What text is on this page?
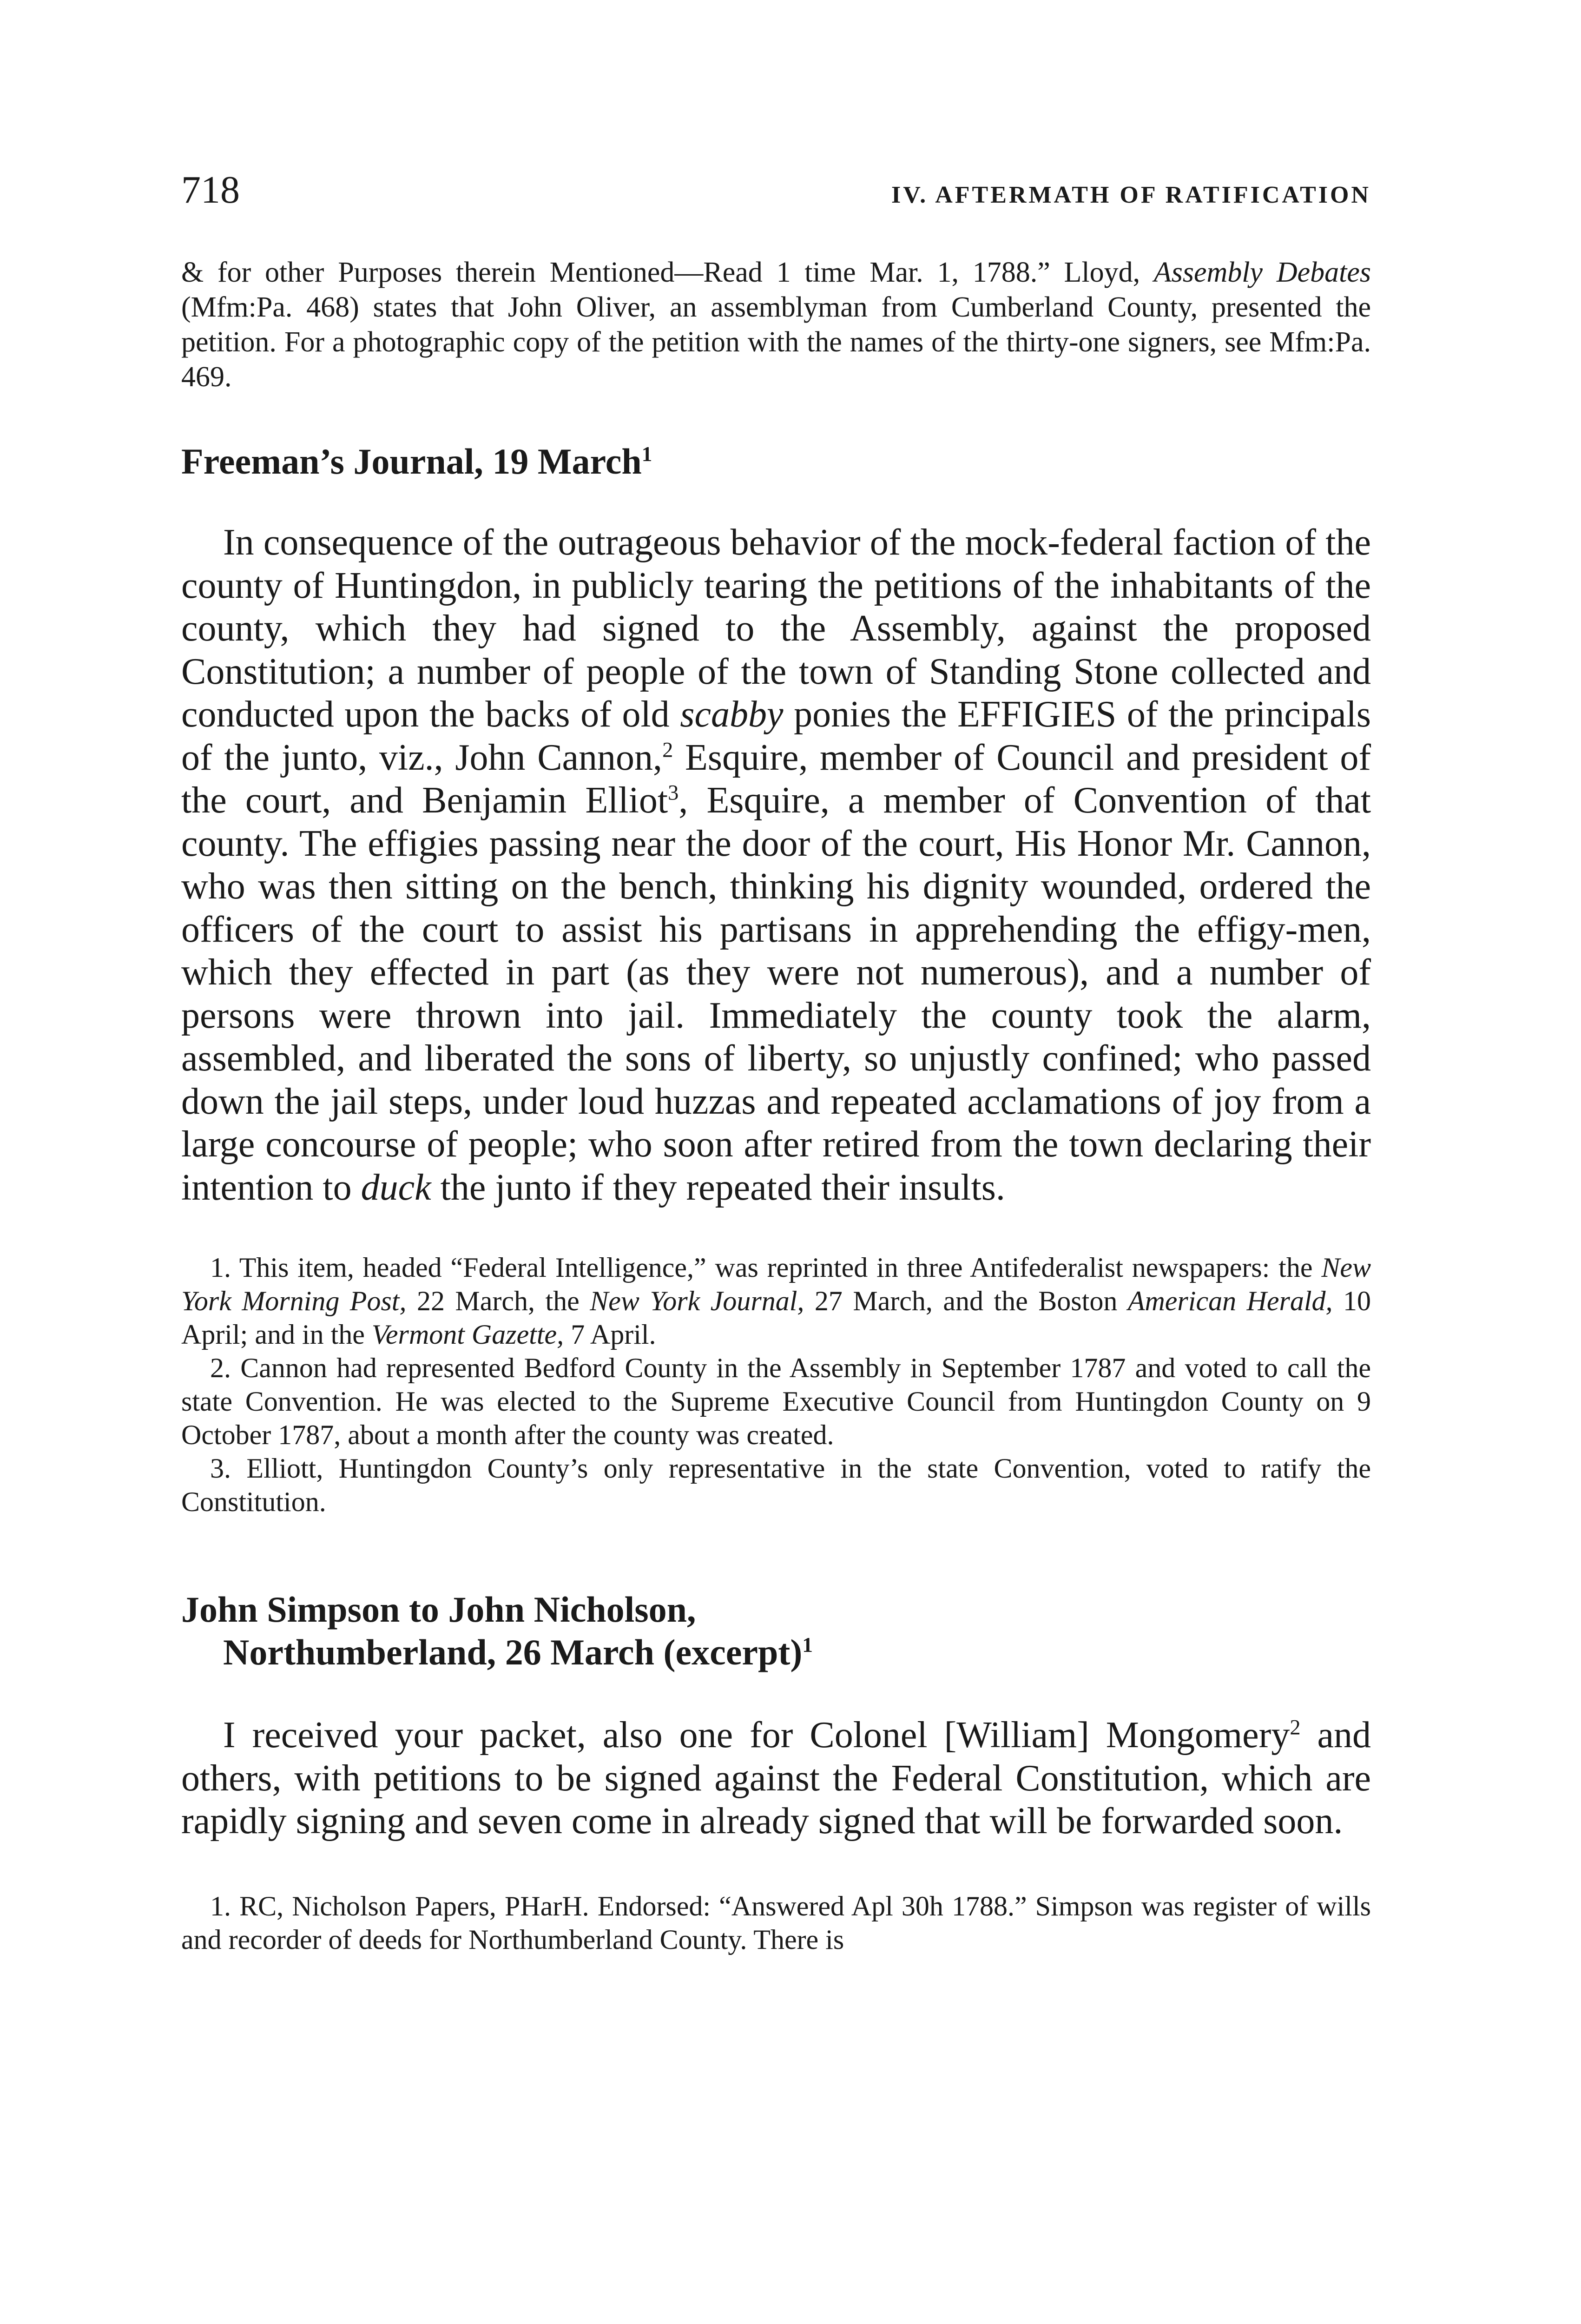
718	IV. AFTERMATH OF RATIFICATION

& for other Purposes therein Mentioned—Read 1 time Mar. 1, 1788.” Lloyd, Assembly Debates (Mfm:Pa. 468) states that John Oliver, an assemblyman from Cumberland County, presented the petition. For a photographic copy of the petition with the names of the thirty-one signers, see Mfm:Pa. 469.

Freeman’s Journal, 19 March$^1$

In consequence of the outrageous behavior of the mock-federal faction of the county of Huntingdon, in publicly tearing the petitions of the inhabitants of the county, which they had signed to the Assembly, against the proposed Constitution; a number of people of the town of Standing Stone collected and conducted upon the backs of old scabby ponies the EFFIGIES of the principals of the junto, viz., John Cannon,$^2$ Esquire, member of Council and president of the court, and Benjamin Elliot$^3$, Esquire, a member of Convention of that county. The effigies passing near the door of the court, His Honor Mr. Cannon, who was then sitting on the bench, thinking his dignity wounded, ordered the officers of the court to assist his partisans in apprehending the effigy-men, which they effected in part (as they were not numerous), and a number of persons were thrown into jail. Immediately the county took the alarm, assembled, and liberated the sons of liberty, so unjustly confined; who passed down the jail steps, under loud huzzas and repeated acclamations of joy from a large concourse of people; who soon after retired from the town declaring their intention to duck the junto if they repeated their insults.

1. This item, headed “Federal Intelligence,” was reprinted in three Antifederalist newspapers: the New York Morning Post, 22 March, the New York Journal, 27 March, and the Boston American Herald, 10 April; and in the Vermont Gazette, 7 April.

2. Cannon had represented Bedford County in the Assembly in September 1787 and voted to call the state Convention. He was elected to the Supreme Executive Council from Huntingdon County on 9 October 1787, about a month after the county was created.

3. Elliott, Huntingdon County’s only representative in the state Convention, voted to ratify the Constitution.

John Simpson to John Nicholson,
Northumberland, 26 March (excerpt)$^1$

I received your packet, also one for Colonel [William] Mongomery$^2$ and others, with petitions to be signed against the Federal Constitution, which are rapidly signing and seven come in already signed that will be forwarded soon.

1. RC, Nicholson Papers, PHarH. Endorsed: “Answered Apl 30h 1788.” Simpson was register of wills and recorder of deeds for Northumberland County. There is
